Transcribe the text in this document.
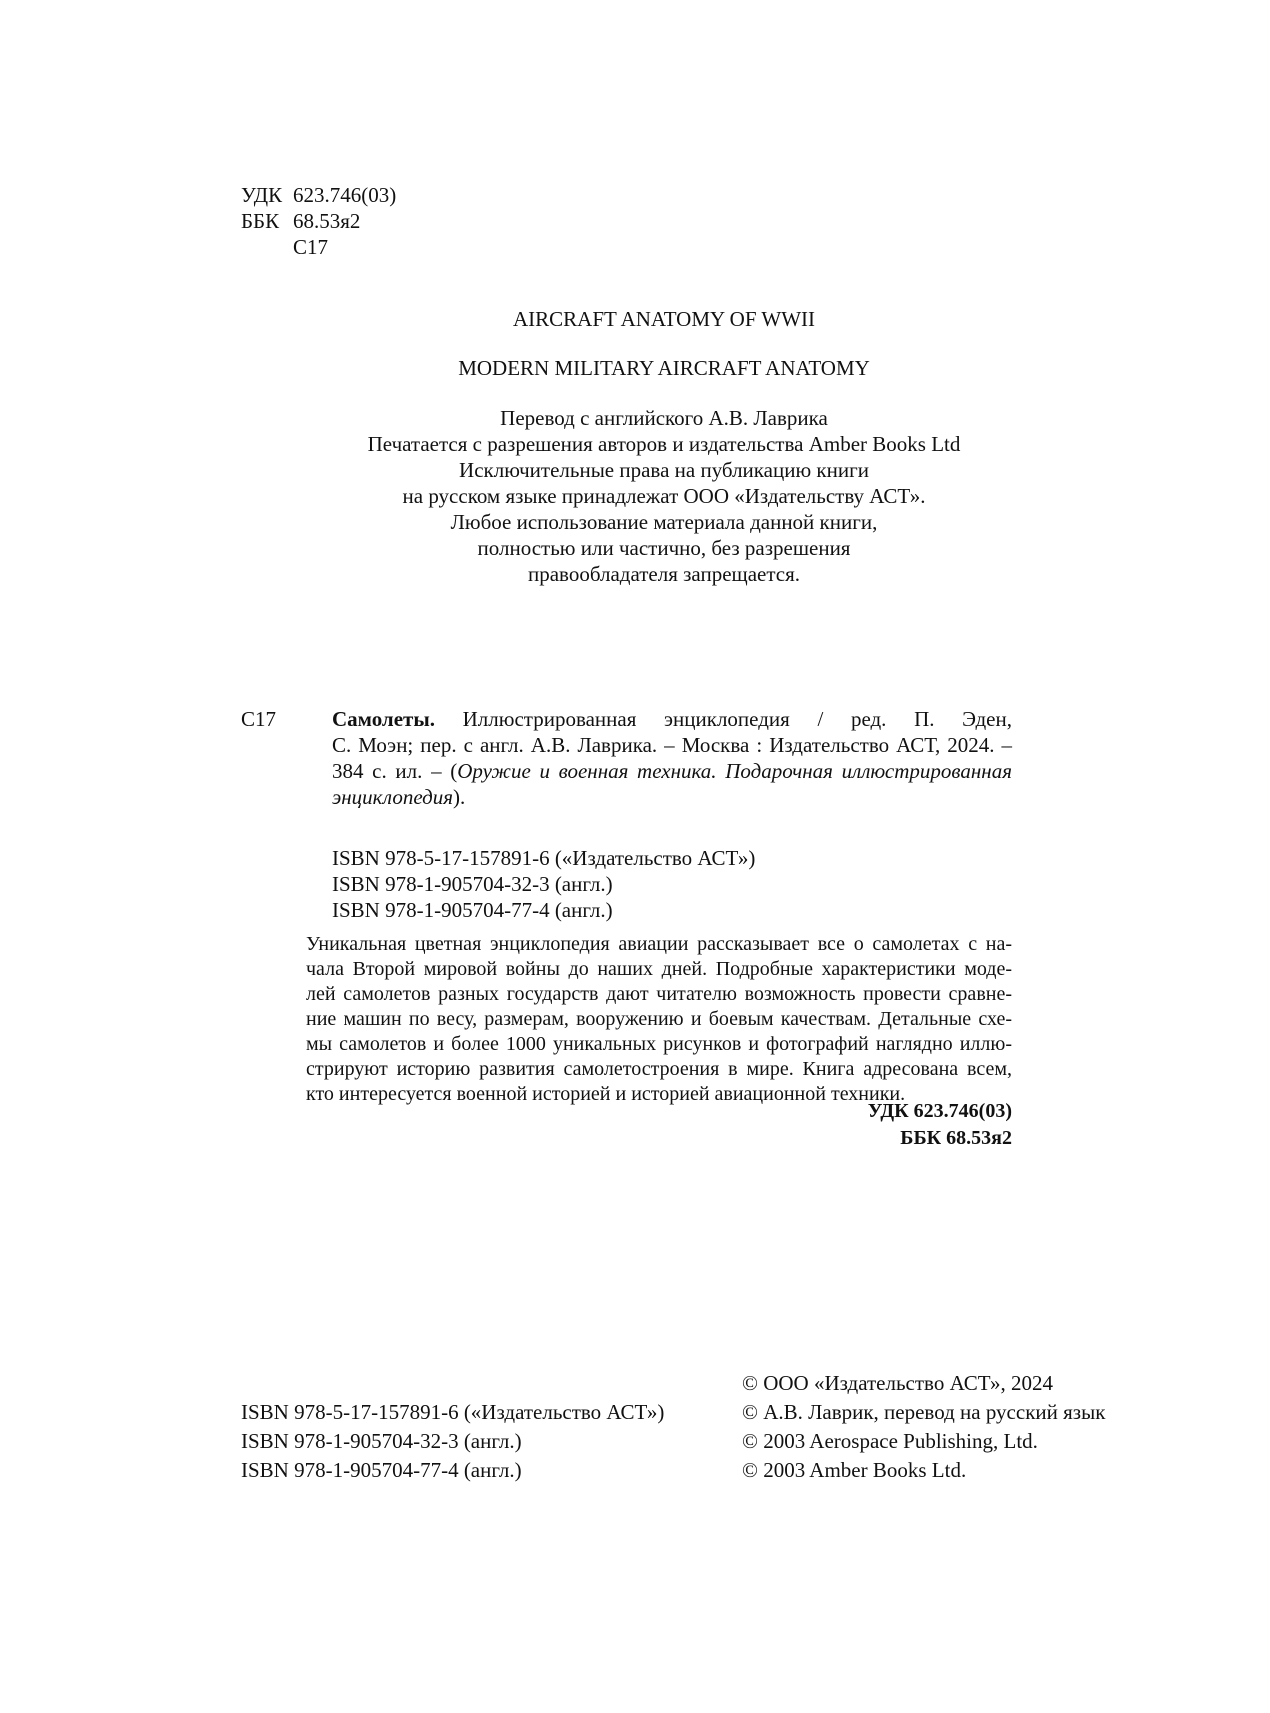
УДК 623.746(03)
ББК 68.53я2
С17
AIRCRAFT ANATOMY OF WWII
MODERN MILITARY AIRCRAFT ANATOMY
Перевод с английского А.В. Лаврика
Печатается с разрешения авторов и издательства Amber Books Ltd
Исключительные права на публикацию книги
на русском языке принадлежат ООО «Издательству АСТ».
Любое использование материала данной книги,
полностью или частично, без разрешения
правообладателя запрещается.
С17	Самолеты. Иллюстрированная энциклопедия / ред. П. Эден,
С. Моэн; пер. с англ. А.В. Лаврика. – Москва : Издательство АСТ, 2024. –
384 с. ил. – (Оружие и военная техника. Подарочная иллюстрированная
энциклопедия).
ISBN 978-5-17-157891-6 («Издательство АСТ»)
ISBN 978-1-905704-32-3 (англ.)
ISBN 978-1-905704-77-4 (англ.)
Уникальная цветная энциклопедия авиации рассказывает все о самолетах с на-
чала Второй мировой войны до наших дней. Подробные характеристики моде-
лей самолетов разных государств дают читателю возможность провести сравне-
ние машин по весу, размерам, вооружению и боевым качествам. Детальные схе-
мы самолетов и более 1000 уникальных рисунков и фотографий наглядно иллю-
стрируют историю развития самолетостроения в мире. Книга адресована всем,
кто интересуется военной историей и историей авиационной техники.
УДК 623.746(03)
ББК 68.53я2
ISBN 978-5-17-157891-6 («Издательство АСТ»)
ISBN 978-1-905704-32-3 (англ.)
ISBN 978-1-905704-77-4 (англ.)
© ООО «Издательство АСТ», 2024
© А.В. Лаврик, перевод на русский язык
© 2003 Aerospace Publishing, Ltd.
© 2003 Amber Books Ltd.
